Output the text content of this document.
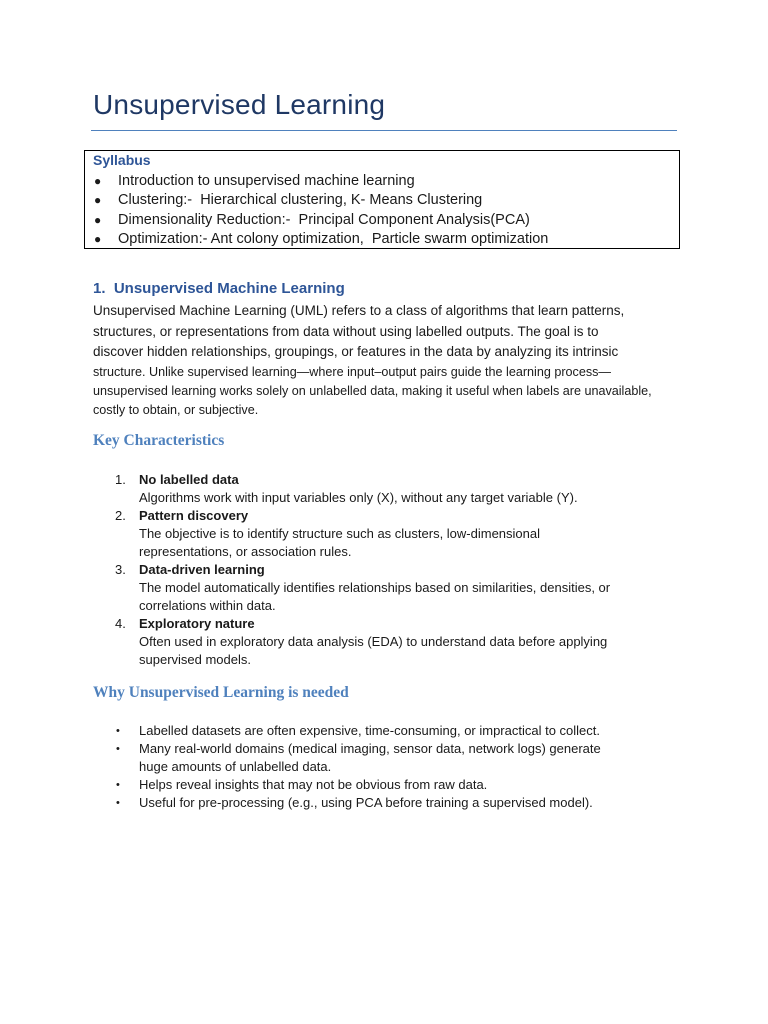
Unsupervised Learning
Syllabus
●	Introduction to unsupervised machine learning
●	Clustering:-  Hierarchical clustering, K- Means Clustering
●	Dimensionality Reduction:-  Principal Component Analysis(PCA)
●	Optimization:- Ant colony optimization,  Particle swarm optimization
1.  Unsupervised Machine Learning

Unsupervised Machine Learning (UML) refers to a class of algorithms that learn patterns,
structures, or representations from data without using labelled outputs. The goal is to
discover hidden relationships, groupings, or features in the data by analyzing its intrinsic
structure. Unlike supervised learning—where input–output pairs guide the learning process—
unsupervised learning works solely on unlabelled data, making it useful when labels are unavailable,
costly to obtain, or subjective.

Key Characteristics
1. No labelled data
Algorithms work with input variables only (X), without any target variable (Y).
2. Pattern discovery
The objective is to identify structure such as clusters, low-dimensional
representations, or association rules.
3. Data-driven learning
The model automatically identifies relationships based on similarities, densities, or
correlations within data.
4. Exploratory nature
Often used in exploratory data analysis (EDA) to understand data before applying
supervised models.
Why Unsupervised Learning is needed
• Labelled datasets are often expensive, time-consuming, or impractical to collect.
• Many real-world domains (medical imaging, sensor data, network logs) generate
huge amounts of unlabelled data.
• Helps reveal insights that may not be obvious from raw data.
• Useful for pre-processing (e.g., using PCA before training a supervised model).
